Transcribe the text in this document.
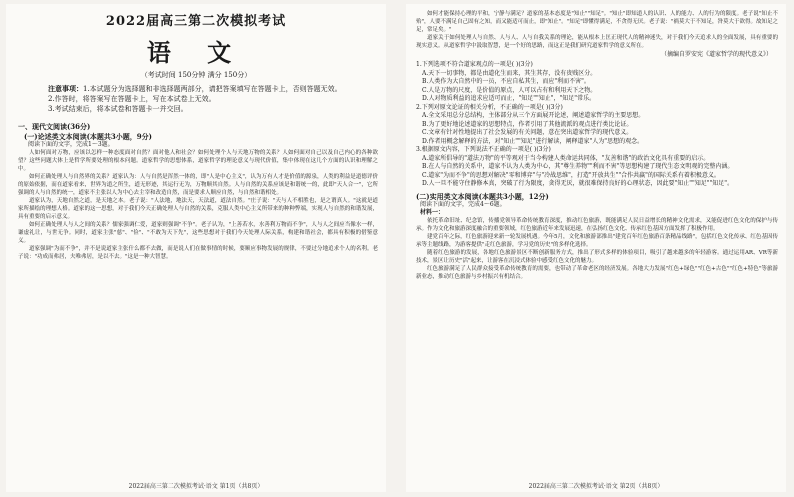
2022届高三第二次模拟考试
语 文
（考试时间 150分钟 满分 150分）
注意事项：1.本试题分为选择题和非选择题两部分，请把答案填写在答题卡上，否则答题无效。
2.作答时，将答案写在答题卡上，写在本试卷上无效。
3.考试结束后，将本试卷和答题卡一并交回。
一、现代文阅读(36分)
(一)论述类文本阅读(本题共3小题，9分)
阅读下面的文字，完成1～3题。

人如何面对万物，应该以怎样一种态度面对自然？面对他人和社会？如何处理个人与天地万物的关系？人如何面对自己以及自己内心的各种欲望？这些问题大体上是哲学所要处理的根本问题。道家哲学的思想体系，道家哲学的理论意义与现代价值，集中体现在这几个方面的认识和理解之中。

如何正确处理人与自然界的关系？道家认为：人与自然是浑然一体的，即"人是中心主义"，认为万有人才是价值的源泉，人类的利益是道德评价的原始依据，而在道家看来，世界为道之所生，道无形迹，其运行无为，万物顺其自然。人与自然的关系应该是和谐统一的，此即"天人合一"，它所强调的人与自然的统一，道家不主张以人为中心去主宰和改造自然，而是要求人顺应自然，与自然和谐相处。

道家认为，天地自然之道，是天地之本。老子说："人法地，地法天，天法道，道法自然。"庄子说："天与人不相胜也，是之谓真人。"这就是道家所描绘的理想人格。道家的这一思想，对于我们今天正确处理人与自然的关系，克服人类中心主义所带来的种种弊端，实现人与自然的和谐发展，具有重要的启示意义。

如何正确处理人与人之间的关系？儒家强调仁爱，道家则强调"不争"。老子认为，"上善若水，水善利万物而不争"，人与人之间应当像水一样，谦虚礼让，与世无争。同时，道家主张"慈"、"俭"、"不敢为天下先"，这些思想对于我们今天处理人际关系，构建和谐社会，都具有积极的借鉴意义。

道家强调"为而不争"，并不是说道家主张什么都不去做，而是说人们在做事情的时候，要顺应事物发展的规律，不要过分地追求个人的名利。老子说："功成而弗居，夫唯弗居，是以不去。"这是一种大智慧。

2022届高三第二次模拟考试·语文 第1页（共8页）

如何才能保持心理的平和，宁静与满足？道家的基本态度是"知止""知足"。"知止"即知道人的认识、人的能力、人的行为的限度。老子说"知止不殆"，人要不满足自己固有之知，而又能适可而止，即"知止"。"知足"即懂得满足，不贪得无厌。老子说："祸莫大于不知足，咎莫大于欲得。故知足之足，常足矣。"

道家关于如何处理人与自然、人与人、人与自我关系的理论，能从根本上匡正现代人的精神迷失，对于我们今天追求人的全面发展，具有重要的现实意义。从道家哲学中汲取智慧，是一个好的思路，而这正是我们研究道家哲学的意义所在。

（摘编自罗安宪《道家哲学的现代意义》）
1.下列选项不符合道家观点的一项是( )(3分)
A.天下一切事物，都是由道化生而来，其生其存，没有贵贱区分。
B.人类作为大自然中的一员，不应自私其生，而应"利而不害"。
C.人是万物的尺度，是价值的原点，人可以占有和利用天下之物。
D.人对物质利益的追求应适可而止，"知足""知止"，"知足"常乐。
2.下列对原文论证的相关分析，不正确的一项是( )(3分)
A.全文采用总分总结构，主体部分从三个方面展开论述，阐述道家哲学的主要思想。
B.为了更好地论述道家的思想特点，作者引用了其他流派的观点进行类比论证。
C.文章有针对性地提出了社会发展的有关问题，意在突出道家哲学的现代意义。
D.作者用概念解释的方法，对"知止""知足"进行解读，阐释道家"人为"思想的观念。
3.根据原文内容，下列说法不正确的一项是( )(3分)
A.道家所倡导的"道法万物"的平等观对于当今构建人类命运共同体，"友善和谐"的政治文化具有重要的启示。
B.在人与自然的关系中，道家不认为人类为中心，其"尊生养物""利而不害"等思想构建了现代生态文明观的完整内涵。
C.道家"为而不争"的思想对解决"零和博弈"与"冷战思维"，打造"开放共生""合作共赢"的国际关系有着积极意义。
D.人一旦不能守住静修本真，突破了行为限度，贪得无厌，就很难保持良好的心理状态，因此要"知止""知足""知足"。
(二)实用类文本阅读(本题共3小题，12分)
阅读下面的文字，完成4～6题。
材料一：

依托革命旧址、纪念馆，传播党领导革命传统教育深度，推动红色旅游，既能满足人民日益增长的精神文化需求，又能促进红色文化的保护与传承。作为文化和旅游深度融合的重要领域，红色旅游近年来发展迅速，在弘扬红色文化、传承红色基因方面发挥了积极作用。

建党百年之际，红色旅游迎来新一轮发展机遇。今年5月，文化和旅游部推出"建党百年红色旅游百条精品线路"，包括红色文化传承、红色基因传承等主题线路，为游客提供"走红色旅游，学习党的历史"的多样化选择。

随着红色旅游的发展，各地红色旅游景区不断创新服务方式，推出了形式多样的体验项目，吸引了越来越多的年轻游客。通过运用AR、VR等新技术，景区让历史"活"起来，让游客在沉浸式体验中感受红色文化的魅力。

红色旅游满足了人民群众接受革命传统教育的需要，也带动了革命老区的经济发展。各地大力发展"红色+绿色""红色+古色""红色+特色"等旅游新业态，推动红色旅游与乡村振兴有机结合。

2022届高三第二次模拟考试·语文 第2页（共8页）
